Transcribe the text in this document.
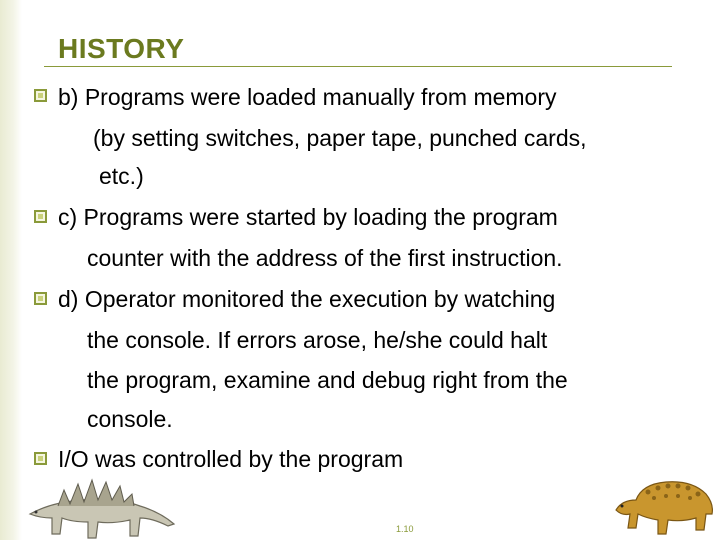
HISTORY
b) Programs were loaded manually from memory
(by setting switches, paper tape, punched cards,
etc.)
c) Programs were started by loading the program
counter with the address of the first instruction.
d) Operator monitored the execution by watching
the console. If errors arose, he/she could halt
the program, examine and debug right from the
console.
I/O was controlled by the program
1.10
